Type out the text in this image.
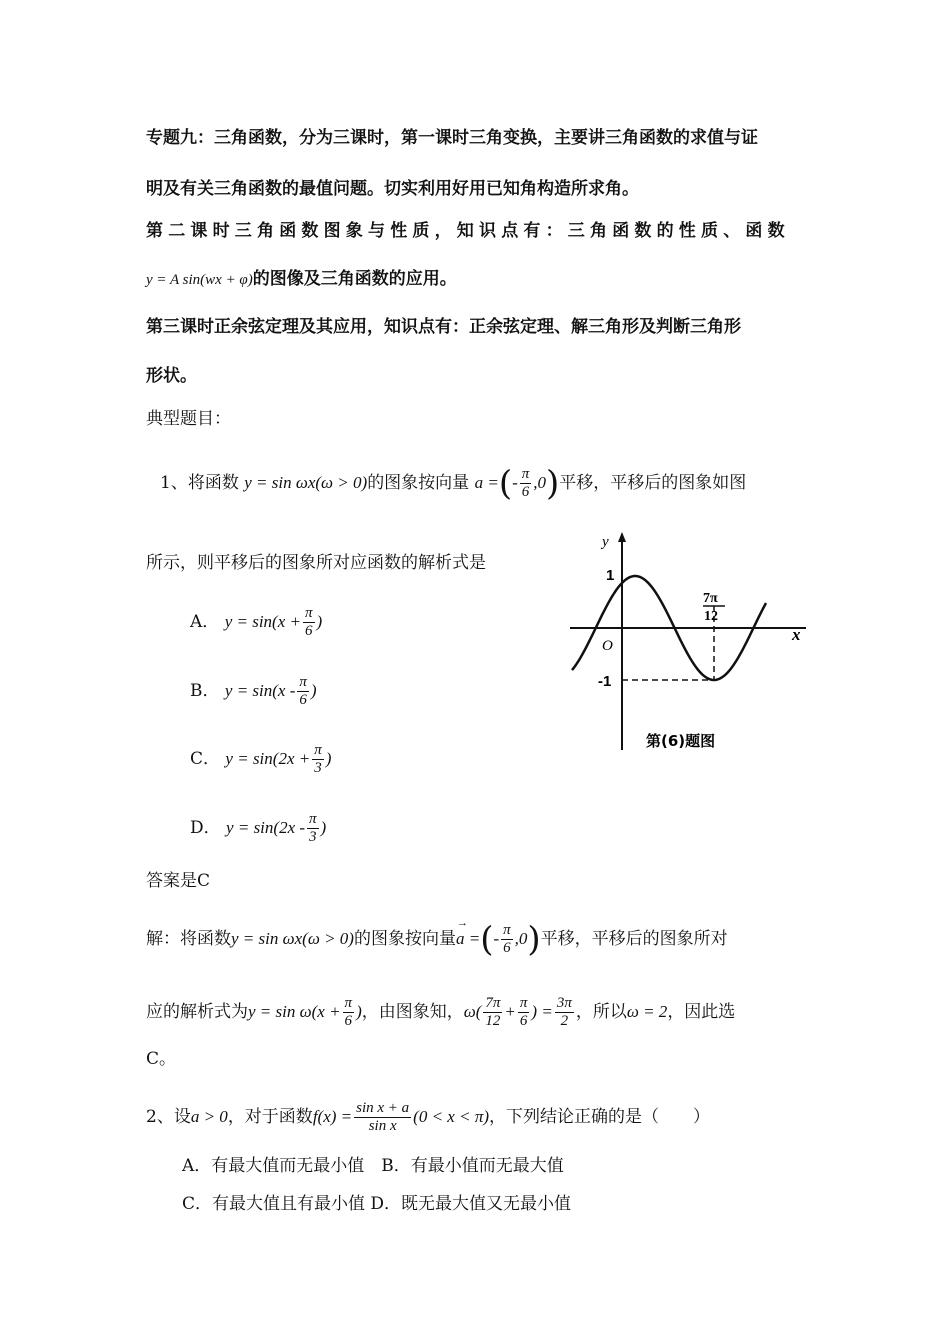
专题九：三角函数，分为三课时，第一课时三角变换，主要讲三角函数的求值与证
明及有关三角函数的最值问题。切实利用好用已知角构造所求角。
第二课时三角函数图象与性质，知识点有：三角函数的性质、函数
y = A sin(wx + φ)的图像及三角函数的应用。
第三课时正余弦定理及其应用，知识点有：正余弦定理、解三角形及判断三角形
形状。
典型题目：
1、将函数 y = sin ωx(ω > 0)的图象按向量 a =(- $\frac{\pi}{6} ,0$)平移，平移后的图象如图
所示，则平移后的图象所对应函数的解析式是
A． $y = \sin(x + \frac{\pi}{6}$ )
B． $y = \sin(x - \frac{\pi}{6}$ )
C． $y = \sin(2x + \frac{\pi}{3}$ )
D． $y = \sin(2x - \frac{\pi}{3}$ )
y
x
O
1
-1
7π
12
第(6)题图
答案是C
解：将函数y = sin ωx(ω > 0)的图象按向量
→
a =(- $\frac{\pi}{6} ,0$)平移，平移后的图象所对
应的解析式为$y = \sin \omega(x + \frac{\pi}{6}$ )，由图象知，$\omega( \frac{7\pi}{12} + \frac{\pi}{6}$ ) = $\frac{3\pi}{2}$ ，所以ω = 2，因此选
C。
2、设a > 0，对于函数$f(x) = \frac{\text{sin x + a}}{\text{sin x}} (0 < x < \pi)$，下列结论正确的是（　　）
A．有最大值而无最小值　B．有最小值而无最大值
C．有最大值且有最小值 D．既无最大值又无最小值
